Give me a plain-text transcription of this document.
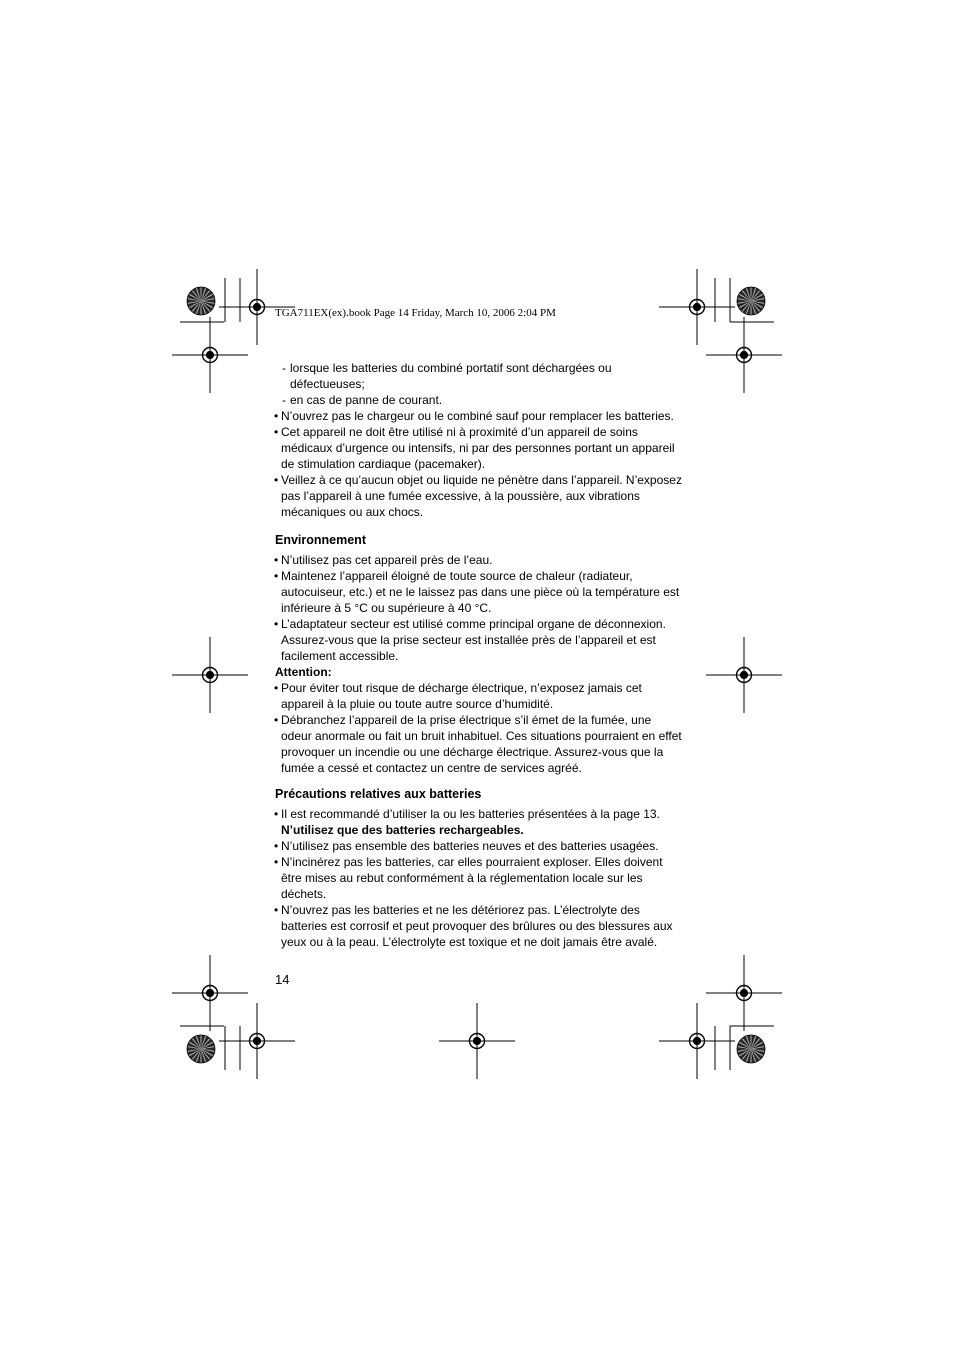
TGA711EX(ex).book Page 14 Friday, March 10, 2006 2:04 PM
- lorsque les batteries du combiné portatif sont déchargées ou défectueuses;
- en cas de panne de courant.
• N’ouvrez pas le chargeur ou le combiné sauf pour remplacer les batteries.
• Cet appareil ne doit être utilisé ni à proximité d’un appareil de soins médicaux d’urgence ou intensifs, ni par des personnes portant un appareil de stimulation cardiaque (pacemaker).
• Veillez à ce qu’aucun objet ou liquide ne pénètre dans l’appareil. N’exposez pas l’appareil à une fumée excessive, à la poussière, aux vibrations mécaniques ou aux chocs.
Environnement
• N’utilisez pas cet appareil près de l’eau.
• Maintenez l’appareil éloigné de toute source de chaleur (radiateur, autocuiseur, etc.) et ne le laissez pas dans une pièce où la température est inférieure à 5 °C ou supérieure à 40 °C.
• L’adaptateur secteur est utilisé comme principal organe de déconnexion. Assurez-vous que la prise secteur est installée près de l’appareil et est facilement accessible.
Attention:
• Pour éviter tout risque de décharge électrique, n’exposez jamais cet appareil à la pluie ou toute autre source d’humidité.
• Débranchez l’appareil de la prise électrique s’il émet de la fumée, une odeur anormale ou fait un bruit inhabituel. Ces situations pourraient en effet provoquer un incendie ou une décharge électrique. Assurez-vous que la fumée a cessé et contactez un centre de services agréé.
Précautions relatives aux batteries
• Il est recommandé d’utiliser la ou les batteries présentées à la page 13.
N’utilisez que des batteries rechargeables.
• N’utilisez pas ensemble des batteries neuves et des batteries usagées.
• N’incinérez pas les batteries, car elles pourraient exploser. Elles doivent être mises au rebut conformément à la réglementation locale sur les déchets.
• N’ouvrez pas les batteries et ne les détériorez pas. L’électrolyte des batteries est corrosif et peut provoquer des brûlures ou des blessures aux yeux ou à la peau. L’électrolyte est toxique et ne doit jamais être avalé.
14
